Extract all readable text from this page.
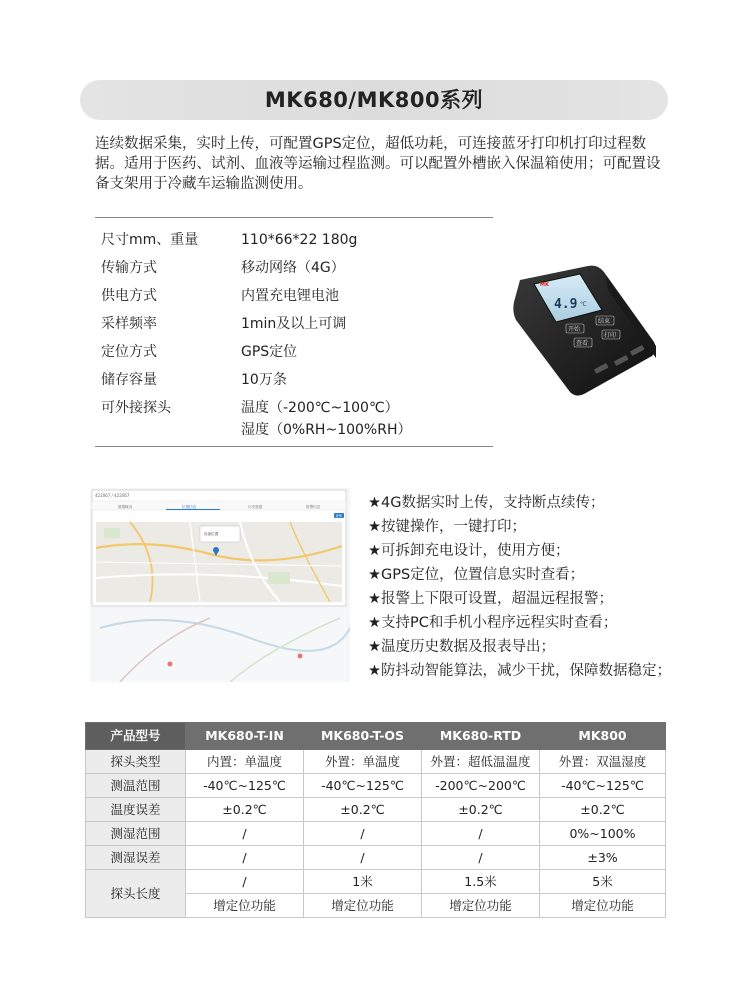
MK680/MK800系列
连续数据采集，实时上传，可配置GPS定位，超低功耗，可连接蓝牙打印机打印过程数据。适用于医药、试剂、血液等运输过程监测。可以配置外槽嵌入保温箱使用；可配置设备支架用于冷藏车运输监测使用。
尺寸mm、重量	110*66*22 180g
传输方式	移动网络（4G）
供电方式	内置充电锂电池
采样频率	1min及以上可调
定位方式	GPS定位
储存容量	10万条
可外接探头	温度（-200℃~100℃）
湿度（0%RH~100%RH）
MK
4.9 ℃
开始
结束
查看
打印
422067 / 422067
数据概况	位置信息	历史数据	报警信息
查询
设备位置
★4G数据实时上传，支持断点续传；
★按键操作，一键打印；
★可拆卸充电设计，使用方便；
★GPS定位，位置信息实时查看；
★报警上下限可设置，超温远程报警；
★支持PC和手机小程序远程实时查看；
★温度历史数据及报表导出；
★防抖动智能算法，减少干扰，保障数据稳定；
产品型号	MK680-T-IN	MK680-T-OS	MK680-RTD	MK800
探头类型	内置：单温度	外置：单温度	外置：超低温温度	外置：双温湿度
测温范围	-40℃~125℃	-40℃~125℃	-200℃~200℃	-40℃~125℃
温度误差	±0.2℃	±0.2℃	±0.2℃	±0.2℃
测湿范围	/	/	/	0%~100%
测湿误差	/	/	/	±3%
探头长度	/	1米	1.5米	5米
	增定位功能	增定位功能	增定位功能	增定位功能
